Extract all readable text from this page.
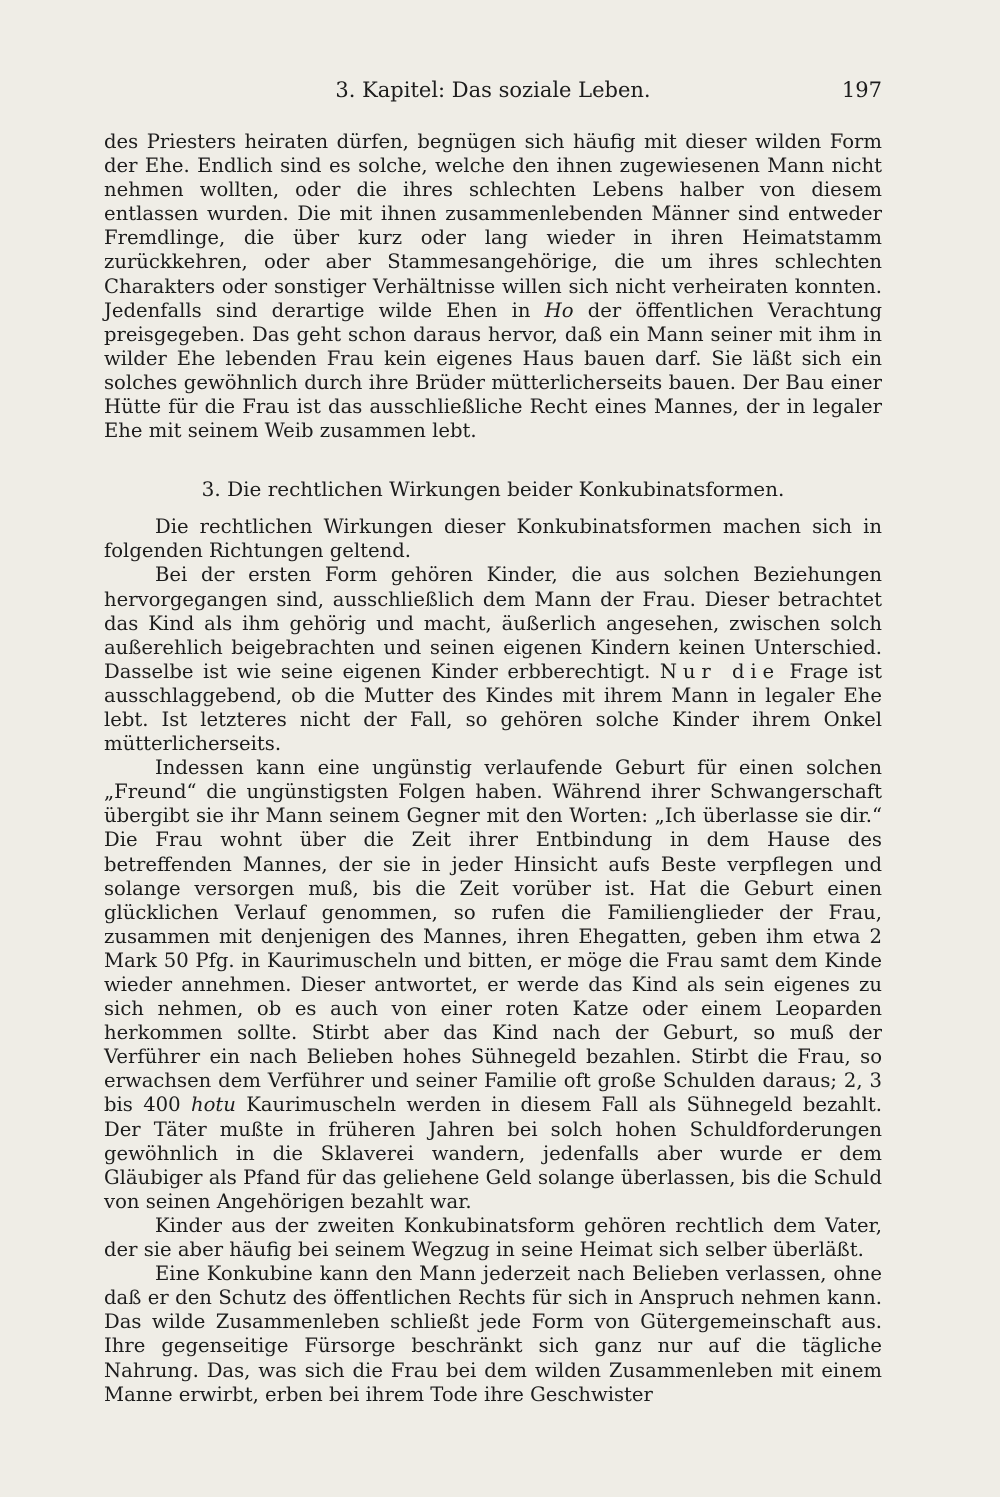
3. Kapitel: Das soziale Leben.	197

des Priesters heiraten dürfen, begnügen sich häufig mit dieser wilden Form der Ehe. Endlich sind es solche, welche den ihnen zugewiesenen Mann nicht nehmen wollten, oder die ihres schlechten Lebens halber von diesem entlassen wurden. Die mit ihnen zusammenlebenden Männer sind entweder Fremdlinge, die über kurz oder lang wieder in ihren Heimatstamm zurückkehren, oder aber Stammesangehörige, die um ihres schlechten Charakters oder sonstiger Verhältnisse willen sich nicht verheiraten konnten. Jedenfalls sind derartige wilde Ehen in Ho der öffentlichen Verachtung preisgegeben. Das geht schon daraus hervor, daß ein Mann seiner mit ihm in wilder Ehe lebenden Frau kein eigenes Haus bauen darf. Sie läßt sich ein solches gewöhnlich durch ihre Brüder mütterlicherseits bauen. Der Bau einer Hütte für die Frau ist das ausschließliche Recht eines Mannes, der in legaler Ehe mit seinem Weib zusammen lebt.

3. Die rechtlichen Wirkungen beider Konkubinatsformen.

Die rechtlichen Wirkungen dieser Konkubinatsformen machen sich in folgenden Richtungen geltend.

Bei der ersten Form gehören Kinder, die aus solchen Beziehungen hervorgegangen sind, ausschließlich dem Mann der Frau. Dieser betrachtet das Kind als ihm gehörig und macht, äußerlich angesehen, zwischen solch außerehlich beigebrachten und seinen eigenen Kindern keinen Unterschied. Dasselbe ist wie seine eigenen Kinder erbberechtigt. Nur die Frage ist ausschlaggebend, ob die Mutter des Kindes mit ihrem Mann in legaler Ehe lebt. Ist letzteres nicht der Fall, so gehören solche Kinder ihrem Onkel mütterlicherseits.

Indessen kann eine ungünstig verlaufende Geburt für einen solchen „Freund“ die ungünstigsten Folgen haben. Während ihrer Schwangerschaft übergibt sie ihr Mann seinem Gegner mit den Worten: „Ich überlasse sie dir.“ Die Frau wohnt über die Zeit ihrer Entbindung in dem Hause des betreffenden Mannes, der sie in jeder Hinsicht aufs Beste verpflegen und solange versorgen muß, bis die Zeit vorüber ist. Hat die Geburt einen glücklichen Verlauf genommen, so rufen die Familienglieder der Frau, zusammen mit denjenigen des Mannes, ihren Ehegatten, geben ihm etwa 2 Mark 50 Pfg. in Kaurimuscheln und bitten, er möge die Frau samt dem Kinde wieder annehmen. Dieser antwortet, er werde das Kind als sein eigenes zu sich nehmen, ob es auch von einer roten Katze oder einem Leoparden herkommen sollte. Stirbt aber das Kind nach der Geburt, so muß der Verführer ein nach Belieben hohes Sühnegeld bezahlen. Stirbt die Frau, so erwachsen dem Verführer und seiner Familie oft große Schulden daraus; 2, 3 bis 400 hotu Kaurimuscheln werden in diesem Fall als Sühnegeld bezahlt. Der Täter mußte in früheren Jahren bei solch hohen Schuldforderungen gewöhnlich in die Sklaverei wandern, jedenfalls aber wurde er dem Gläubiger als Pfand für das geliehene Geld solange überlassen, bis die Schuld von seinen Angehörigen bezahlt war.

Kinder aus der zweiten Konkubinatsform gehören rechtlich dem Vater, der sie aber häufig bei seinem Wegzug in seine Heimat sich selber überläßt.

Eine Konkubine kann den Mann jederzeit nach Belieben verlassen, ohne daß er den Schutz des öffentlichen Rechts für sich in Anspruch nehmen kann. Das wilde Zusammenleben schließt jede Form von Gütergemeinschaft aus. Ihre gegenseitige Fürsorge beschränkt sich ganz nur auf die tägliche Nahrung. Das, was sich die Frau bei dem wilden Zusammenleben mit einem Manne erwirbt, erben bei ihrem Tode ihre Geschwister
